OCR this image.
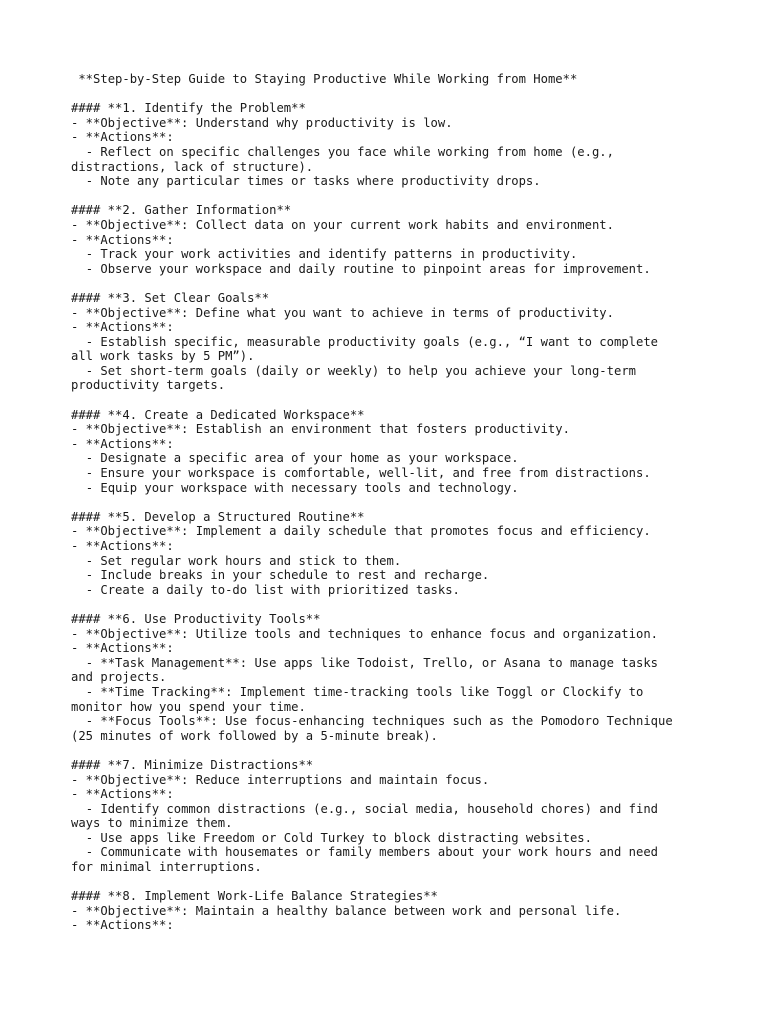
**Step-by-Step Guide to Staying Productive While Working from Home**
#### **1. Identify the Problem**
- **Objective**: Understand why productivity is low.
- **Actions**:
- Reflect on specific challenges you face while working from home (e.g.,
distractions, lack of structure).
- Note any particular times or tasks where productivity drops.
#### **2. Gather Information**
- **Objective**: Collect data on your current work habits and environment.
- **Actions**:
- Track your work activities and identify patterns in productivity.
- Observe your workspace and daily routine to pinpoint areas for improvement.
#### **3. Set Clear Goals**
- **Objective**: Define what you want to achieve in terms of productivity.
- **Actions**:
- Establish specific, measurable productivity goals (e.g., “I want to complete
all work tasks by 5 PM”).
- Set short-term goals (daily or weekly) to help you achieve your long-term
productivity targets.
#### **4. Create a Dedicated Workspace**
- **Objective**: Establish an environment that fosters productivity.
- **Actions**:
- Designate a specific area of your home as your workspace.
- Ensure your workspace is comfortable, well-lit, and free from distractions.
- Equip your workspace with necessary tools and technology.
#### **5. Develop a Structured Routine**
- **Objective**: Implement a daily schedule that promotes focus and efficiency.
- **Actions**:
- Set regular work hours and stick to them.
- Include breaks in your schedule to rest and recharge.
- Create a daily to-do list with prioritized tasks.
#### **6. Use Productivity Tools**
- **Objective**: Utilize tools and techniques to enhance focus and organization.
- **Actions**:
- **Task Management**: Use apps like Todoist, Trello, or Asana to manage tasks
and projects.
- **Time Tracking**: Implement time-tracking tools like Toggl or Clockify to
monitor how you spend your time.
- **Focus Tools**: Use focus-enhancing techniques such as the Pomodoro Technique
(25 minutes of work followed by a 5-minute break).
#### **7. Minimize Distractions**
- **Objective**: Reduce interruptions and maintain focus.
- **Actions**:
- Identify common distractions (e.g., social media, household chores) and find
ways to minimize them.
- Use apps like Freedom or Cold Turkey to block distracting websites.
- Communicate with housemates or family members about your work hours and need
for minimal interruptions.
#### **8. Implement Work-Life Balance Strategies**
- **Objective**: Maintain a healthy balance between work and personal life.
- **Actions**:
